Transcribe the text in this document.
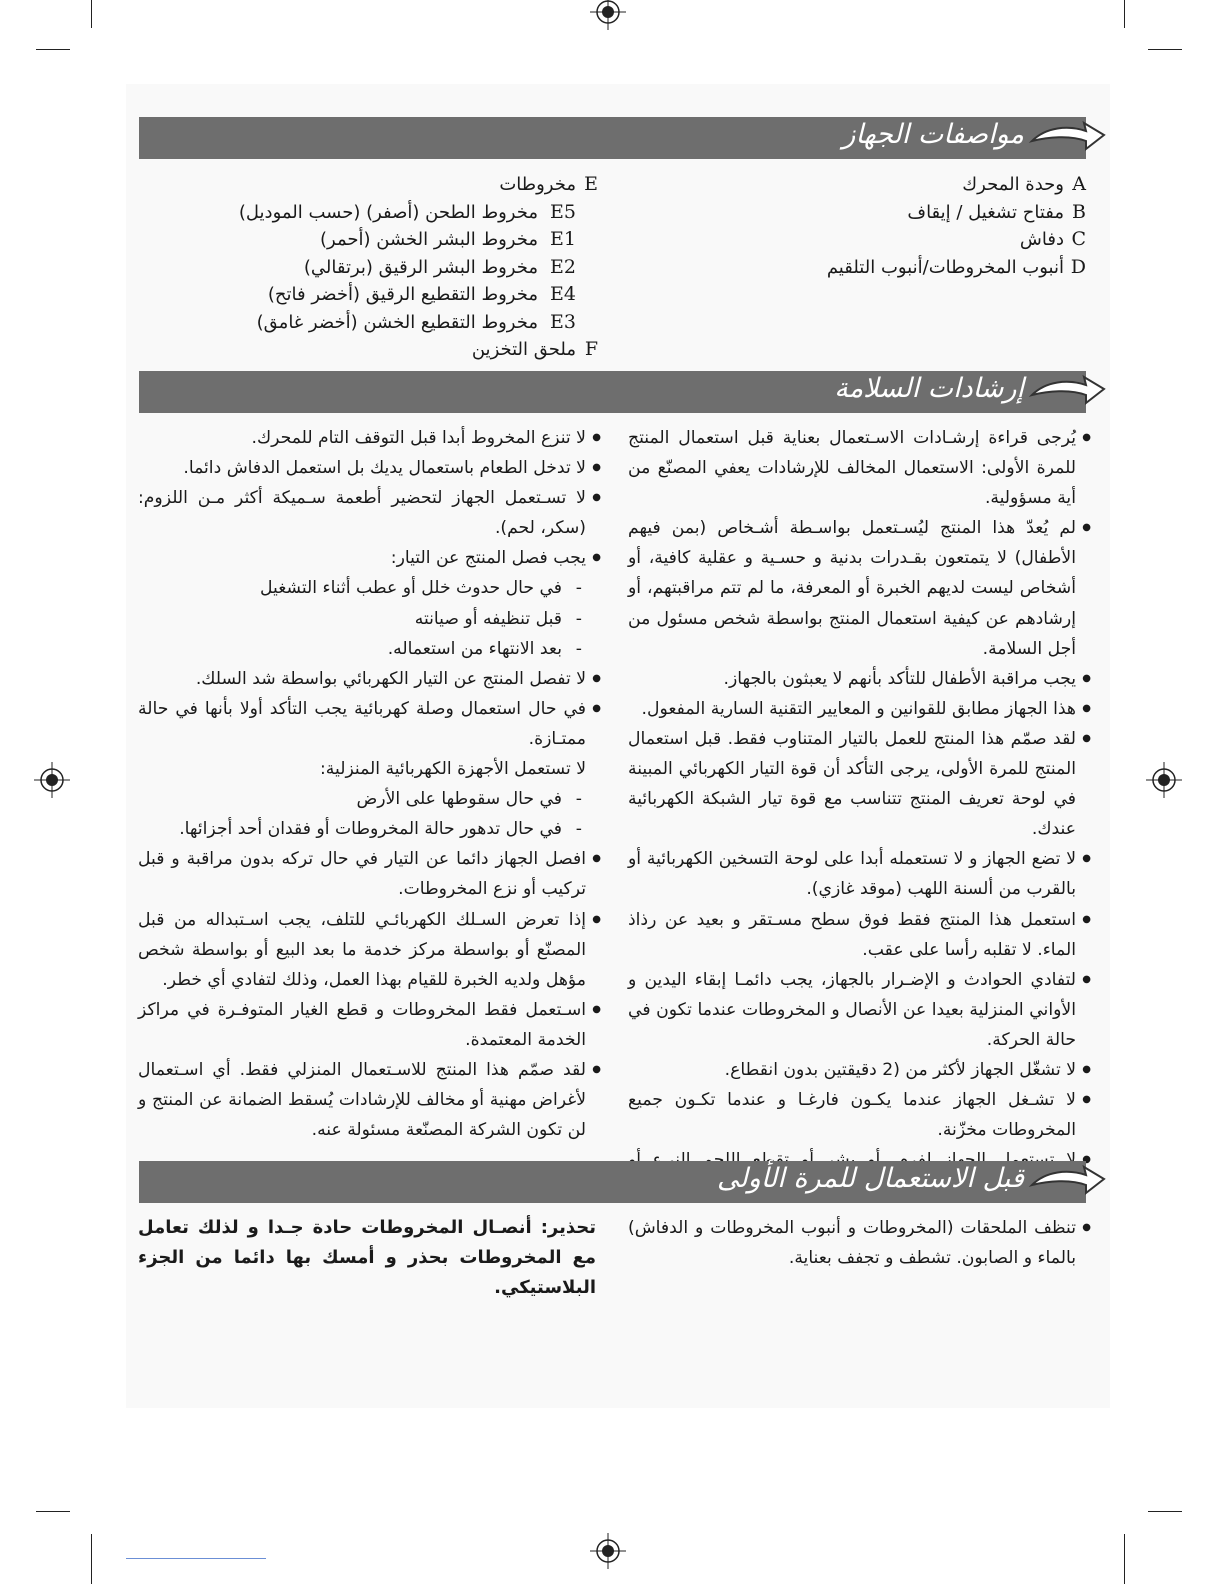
مواصفات الجهاز
Aوحدة المحرك
Bمفتاح تشغيل / إيقاف
Cدفاش
Dأنبوب المخروطات/أنبوب التلقيم
Eمخروطات
E5مخروط الطحن (أصفر) (حسب الموديل)
E1مخروط البشر الخشن (أحمر)
E2مخروط البشر الرقيق (برتقالي)
E4مخروط التقطيع الرقيق (أخضر فاتح)
E3مخروط التقطيع الخشن (أخضر غامق)
Fملحق التخزين
إرشادات السلامة
● يُرجى قراءة إرشـادات الاسـتعمال بعناية قبل استعمال المنتج للمرة الأولى: الاستعمال المخالف للإرشادات يعفي المصنّع من أية مسؤولية.
● لم يُعدّ هذا المنتج ليُسـتعمل بواسـطة أشـخاص (بمن فيهم الأطفال) لا يتمتعون بقـدرات بدنية و حسـية و عقلية كافية، أو أشخاص ليست لديهم الخبرة أو المعرفة، ما لم تتم مراقبتهم، أو إرشادهم عن كيفية استعمال المنتج بواسطة شخص مسئول من أجل السلامة.
● يجب مراقبة الأطفال للتأكد بأنهم لا يعبثون بالجهاز.
● هذا الجهاز مطابق للقوانين و المعايير التقنية السارية المفعول.
● لقد صمّم هذا المنتج للعمل بالتيار المتناوب فقط. قبل استعمال المنتج للمرة الأولى، يرجى التأكد أن قوة التيار الكهربائي المبينة في لوحة تعريف المنتج تتناسب مع قوة تيار الشبكة الكهربائية عندك.
● لا تضع الجهاز و لا تستعمله أبدا على لوحة التسخين الكهربائية أو بالقرب من ألسنة اللهب (موقد غازي).
● استعمل هذا المنتج فقط فوق سطح مسـتقر و بعيد عن رذاذ الماء. لا تقلبه رأسا على عقب.
● لتفادي الحوادث و الإضـرار بالجهاز، يجب دائمـا إبقاء اليدين و الأواني المنزلية بعيدا عن الأنصال و المخروطات عندما تكون في حالة الحركة.
● لا تشغّل الجهاز لأكثر من (2 دقيقتين بدون انقطاع.
● لا تشـغل الجهاز عندما يكـون فارغـا و عندما تكـون جميع المخروطات مخزّنة.
●
● لا تنزع المخروط أبدا قبل التوقف التام للمحرك.
● لا تدخل الطعام باستعمال يديك بل استعمل الدفاش دائما.
● لا تسـتعمل الجهاز لتحضير أطعمة سـميكة أكثر مـن اللزوم: (سكر، لحم).
● يجب فصل المنتج عن التيار:
- في حال حدوث خلل أو عطب أثناء التشغيل
- قبل تنظيفه أو صيانته
- بعد الانتهاء من استعماله.
● لا تفصل المنتج عن التيار الكهربائي بواسطة شد السلك.
● في حال استعمال وصلة كهربائية يجب التأكد أولا بأنها في حالة ممتـازة.
لا تستعمل الأجهزة الكهربائية المنزلية:
- في حال سقوطها على الأرض
- في حال تدهور حالة المخروطات أو فقدان أحد أجزائها.
● افصل الجهاز دائما عن التيار في حال تركه بدون مراقبة و قبل تركيب أو نزع المخروطات.
● إذا تعرض السـلك الكهربائـي للتلف، يجب اسـتبداله من قبل المصنّع أو بواسطة مركز خدمة ما بعد البيع أو بواسطة شخص مؤهل ولديه الخبرة للقيام بهذا العمل، وذلك لتفادي أي خطر.
● اسـتعمل فقط المخروطات و قطع الغيار المتوفـرة في مراكز الخدمة المعتمدة.
● لقد صمّم هذا المنتج للاسـتعمال المنزلي فقط. أي اسـتعمال لأغراض مهنية أو مخالف للإرشادات يُسقط الضمانة عن المنتج و لن تكون الشركة المصنّعة مسئولة عنه.
قبل الاستعمال للمرة الأولى
● تنظف الملحقات (المخروطات و أنبوب المخروطات و الدفاش) بالماء و الصابون. تشطف و تجفف بعناية.
تحذير: أنصـال المخروطات حادة جـدا و لذلك تعامل مع المخروطات بحذر و أمسك بها دائما من الجزء البلاستيكي.
